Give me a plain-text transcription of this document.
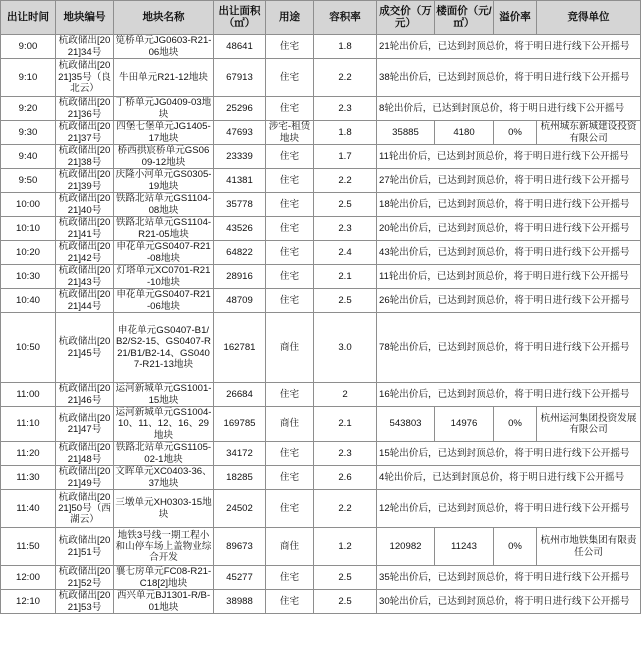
出让时间	地块编号	地块名称	出让面积（㎡）	用途	容积率	成交价（万元）	楼面价（元/㎡）	溢价率	竞得单位
9:00	杭政储出[2021]34号	笕桥单元JG0603-R21-06地块	48641	住宅	1.8	21轮出价后，已达到封顶总价，将于明日进行线下公开摇号			
9:10	杭政储出[2021]35号（良北云）	牛田单元R21-12地块	67913	住宅	2.2	38轮出价后，已达到封顶总价，将于明日进行线下公开摇号			
9:20	杭政储出[2021]36号	丁桥单元JG0409-03地块	25296	住宅	2.3	8轮出价后，已达到封顶总价，将于明日进行线下公开摇号			
9:30	杭政储出[2021]37号	四堡七堡单元JG1405-17地块	47693	涉宅-租赁地块	1.8	35885	4180	0%	杭州城东新城建设投资有限公司
9:40	杭政储出[2021]38号	桥西拱宸桥单元GS0609-12地块	23339	住宅	1.7	11轮出价后，已达到封顶总价，将于明日进行线下公开摇号			
9:50	杭政储出[2021]39号	庆隆小河单元GS0305-19地块	41381	住宅	2.2	27轮出价后，已达到封顶总价，将于明日进行线下公开摇号			
10:00	杭政储出[2021]40号	铁路北站单元GS1104-08地块	35778	住宅	2.5	18轮出价后，已达到封顶总价，将于明日进行线下公开摇号			
10:10	杭政储出[2021]41号	铁路北站单元GS1104-R21-05地块	43526	住宅	2.3	20轮出价后，已达到封顶总价，将于明日进行线下公开摇号			
10:20	杭政储出[2021]42号	申花单元GS0407-R21-08地块	64822	住宅	2.4	43轮出价后，已达到封顶总价，将于明日进行线下公开摇号			
10:30	杭政储出[2021]43号	灯塔单元XC0701-R21-10地块	28916	住宅	2.1	11轮出价后，已达到封顶总价，将于明日进行线下公开摇号			
10:40	杭政储出[2021]44号	申花单元GS0407-R21-06地块	48709	住宅	2.5	26轮出价后，已达到封顶总价，将于明日进行线下公开摇号			
10:50	杭政储出[2021]45号	申花单元GS0407-B1/B2/S2-15、GS0407-R21/B1/B2-14、GS0407-R21-13地块	162781	商住	3.0	78轮出价后，已达到封顶总价，将于明日进行线下公开摇号			
11:00	杭政储出[2021]46号	运河新城单元GS1001-15地块	26684	住宅	2	16轮出价后，已达到封顶总价，将于明日进行线下公开摇号			
11:10	杭政储出[2021]47号	运河新城单元GS1004-10、11、12、16、29地块	169785	商住	2.1	543803	14976	0%	杭州运河集团投资发展有限公司
11:20	杭政储出[2021]48号	铁路北站单元GS1105-02-1地块	34172	住宅	2.3	15轮出价后，已达到封顶总价，将于明日进行线下公开摇号			
11:30	杭政储出[2021]49号	文晖单元XC0403-36、37地块	18285	住宅	2.6	4轮出价后，已达到封顶总价，将于明日进行线下公开摇号			
11:40	杭政储出[2021]50号（西湖云）	三墩单元XH0303-15地块	24502	住宅	2.2	12轮出价后，已达到封顶总价，将于明日进行线下公开摇号			
11:50	杭政储出[2021]51号	地铁3号线一期工程小和山停车场上盖物业综合开发	89673	商住	1.2	120982	11243	0%	杭州市地铁集团有限责任公司
12:00	杭政储出[2021]52号	襄七房单元FC08-R21-C18[2]地块	45277	住宅	2.5	35轮出价后，已达到封顶总价，将于明日进行线下公开摇号			
12:10	杭政储出[2021]53号	西兴单元BJ1301-R/B-01地块	38988	住宅	2.5	30轮出价后，已达到封顶总价，将于明日进行线下公开摇号			
